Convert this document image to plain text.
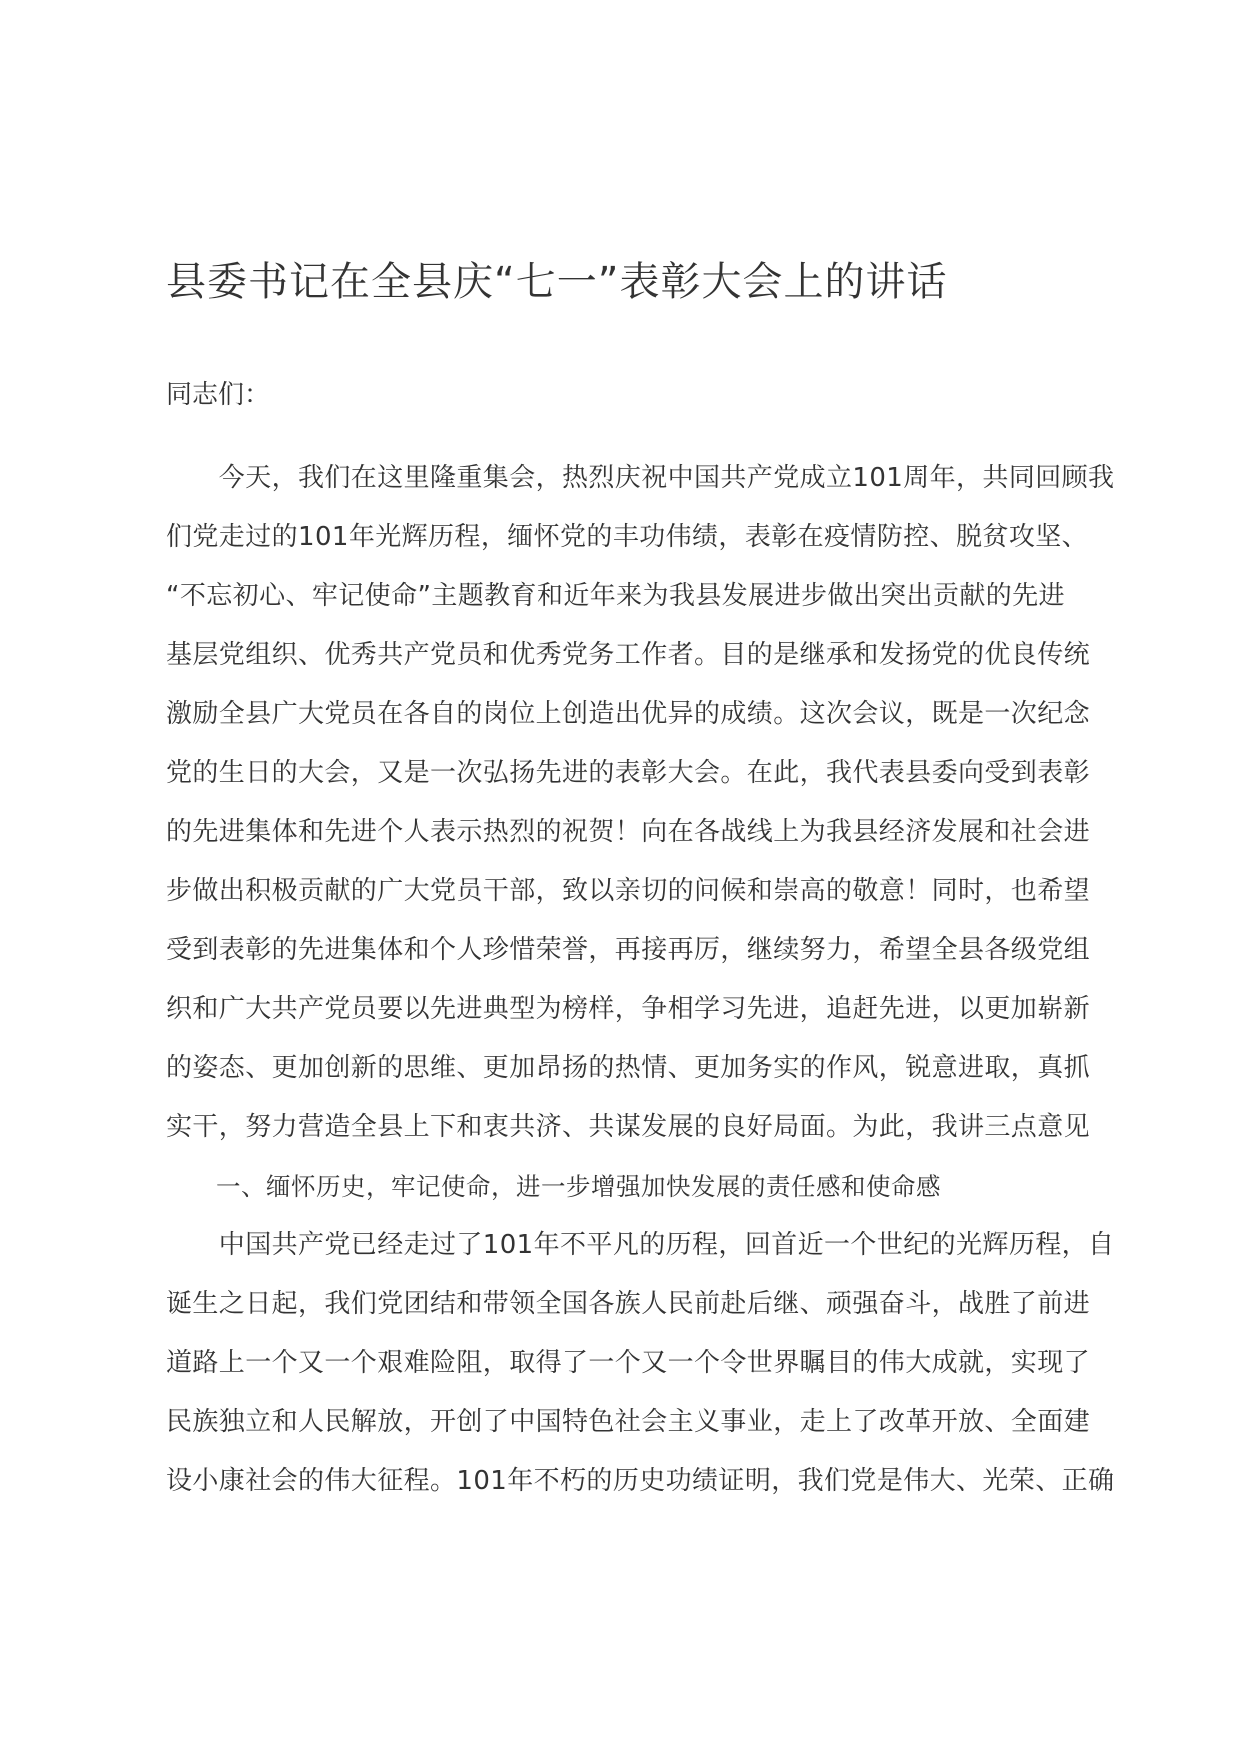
县委书记在全县庆“七一”表彰大会上的讲话

同志们：

　　今天，我们在这里隆重集会，热烈庆祝中国共产党成立101周年，共同回顾我
们党走过的101年光辉历程，缅怀党的丰功伟绩，表彰在疫情防控、脱贫攻坚、
“不忘初心、牢记使命”主题教育和近年来为我县发展进步做出突出贡献的先进
基层党组织、优秀共产党员和优秀党务工作者。目的是继承和发扬党的优良传统
激励全县广大党员在各自的岗位上创造出优异的成绩。这次会议，既是一次纪念
党的生日的大会，又是一次弘扬先进的表彰大会。在此，我代表县委向受到表彰
的先进集体和先进个人表示热烈的祝贺！向在各战线上为我县经济发展和社会进
步做出积极贡献的广大党员干部，致以亲切的问候和崇高的敬意！同时，也希望
受到表彰的先进集体和个人珍惜荣誉，再接再厉，继续努力，希望全县各级党组
织和广大共产党员要以先进典型为榜样，争相学习先进，追赶先进，以更加崭新
的姿态、更加创新的思维、更加昂扬的热情、更加务实的作风，锐意进取，真抓
实干，努力营造全县上下和衷共济、共谋发展的良好局面。为此，我讲三点意见
　　一、缅怀历史，牢记使命，进一步增强加快发展的责任感和使命感
　　中国共产党已经走过了101年不平凡的历程，回首近一个世纪的光辉历程，自
诞生之日起，我们党团结和带领全国各族人民前赴后继、顽强奋斗，战胜了前进
道路上一个又一个艰难险阻，取得了一个又一个令世界瞩目的伟大成就，实现了
民族独立和人民解放，开创了中国特色社会主义事业，走上了改革开放、全面建
设小康社会的伟大征程。101年不朽的历史功绩证明，我们党是伟大、光荣、正确
